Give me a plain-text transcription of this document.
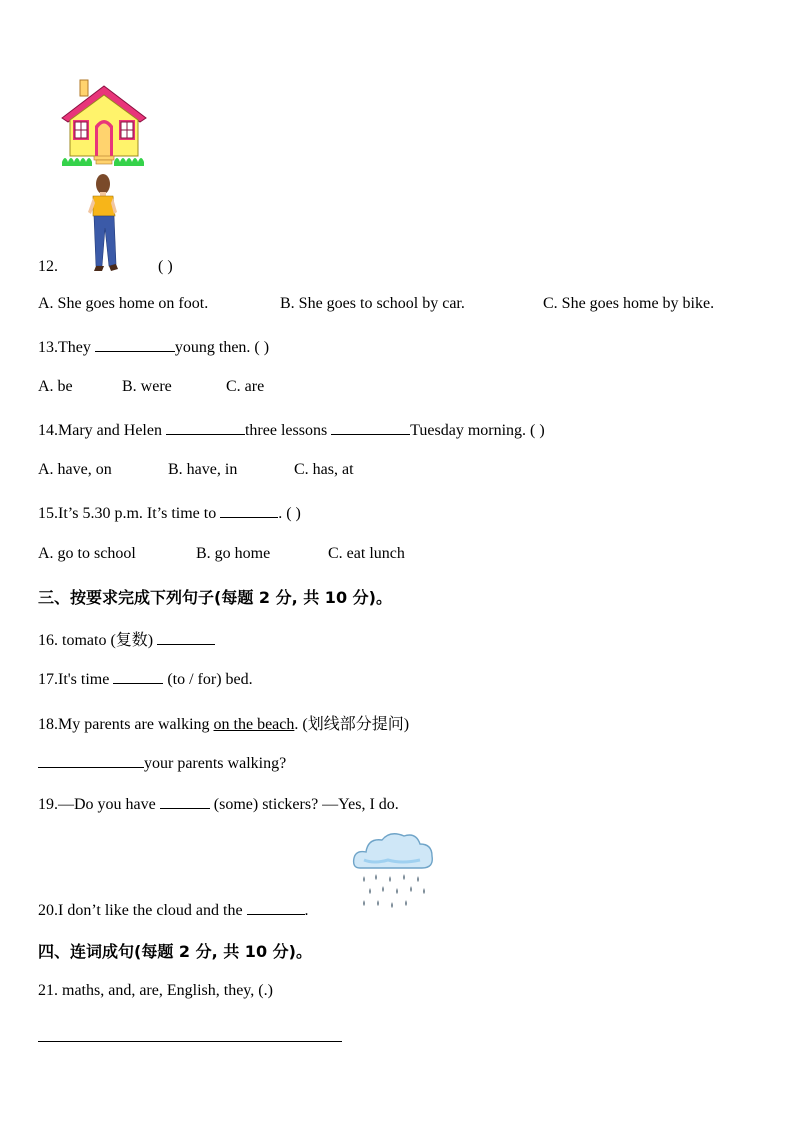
12.	( )
A. She goes home on foot.	B. She goes to school by car.	C. She goes home by bike.
13.They	young then. ( )
A. be	B. were	C. are
14.Mary and Helen	three lessons	Tuesday morning. ( )
A. have, on	B. have, in	C. has, at
15.It’s 5.30 p.m. It’s time to	. ( )
A. go to school	B. go home	C. eat lunch
三、按要求完成下列句子(每题 2 分, 共 10 分)。
16. tomato (复数)
17.It's time	(to / for) bed.
18.My parents are walking on the beach. (划线部分提问)
your parents walking?
19.—Do you have	(some) stickers? —Yes, I do.
20.I don’t like the cloud and the	.
四、连词成句(每题 2 分, 共 10 分)。
21. maths, and, are, English, they, (.)
